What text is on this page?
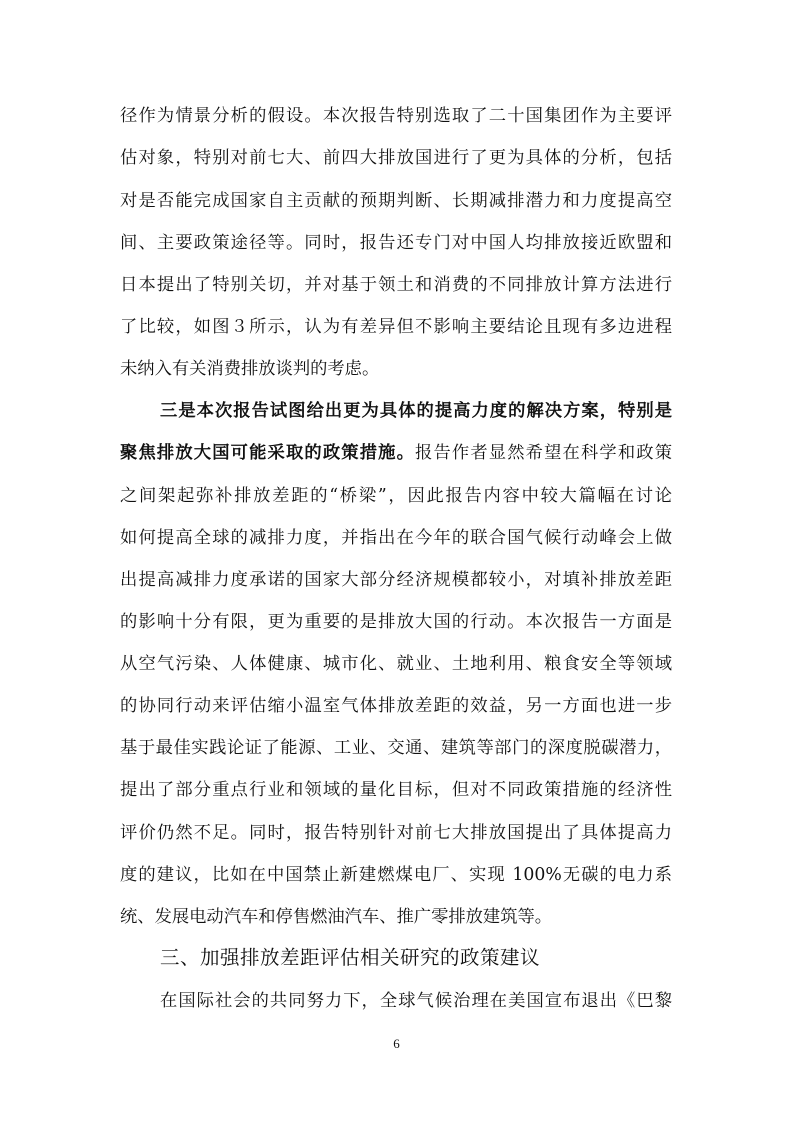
径作为情景分析的假设。本次报告特别选取了二十国集团作为主要评
估对象，特别对前七大、前四大排放国进行了更为具体的分析，包括
对是否能完成国家自主贡献的预期判断、长期减排潜力和力度提高空
间、主要政策途径等。同时，报告还专门对中国人均排放接近欧盟和
日本提出了特别关切，并对基于领土和消费的不同排放计算方法进行
了比较，如图３所示，认为有差异但不影响主要结论且现有多边进程
未纳入有关消费排放谈判的考虑。
三是本次报告试图给出更为具体的提高力度的解决方案，特别是
聚焦排放大国可能采取的政策措施。报告作者显然希望在科学和政策
之间架起弥补排放差距的“桥梁”，因此报告内容中较大篇幅在讨论
如何提高全球的减排力度，并指出在今年的联合国气候行动峰会上做
出提高减排力度承诺的国家大部分经济规模都较小，对填补排放差距
的影响十分有限，更为重要的是排放大国的行动。本次报告一方面是
从空气污染、人体健康、城市化、就业、土地利用、粮食安全等领域
的协同行动来评估缩小温室气体排放差距的效益，另一方面也进一步
基于最佳实践论证了能源、工业、交通、建筑等部门的深度脱碳潜力，
提出了部分重点行业和领域的量化目标，但对不同政策措施的经济性
评价仍然不足。同时，报告特别针对前七大排放国提出了具体提高力
度的建议，比如在中国禁止新建燃煤电厂、实现 100%无碳的电力系
统、发展电动汽车和停售燃油汽车、推广零排放建筑等。
三、加强排放差距评估相关研究的政策建议
在国际社会的共同努力下，全球气候治理在美国宣布退出《巴黎
6
